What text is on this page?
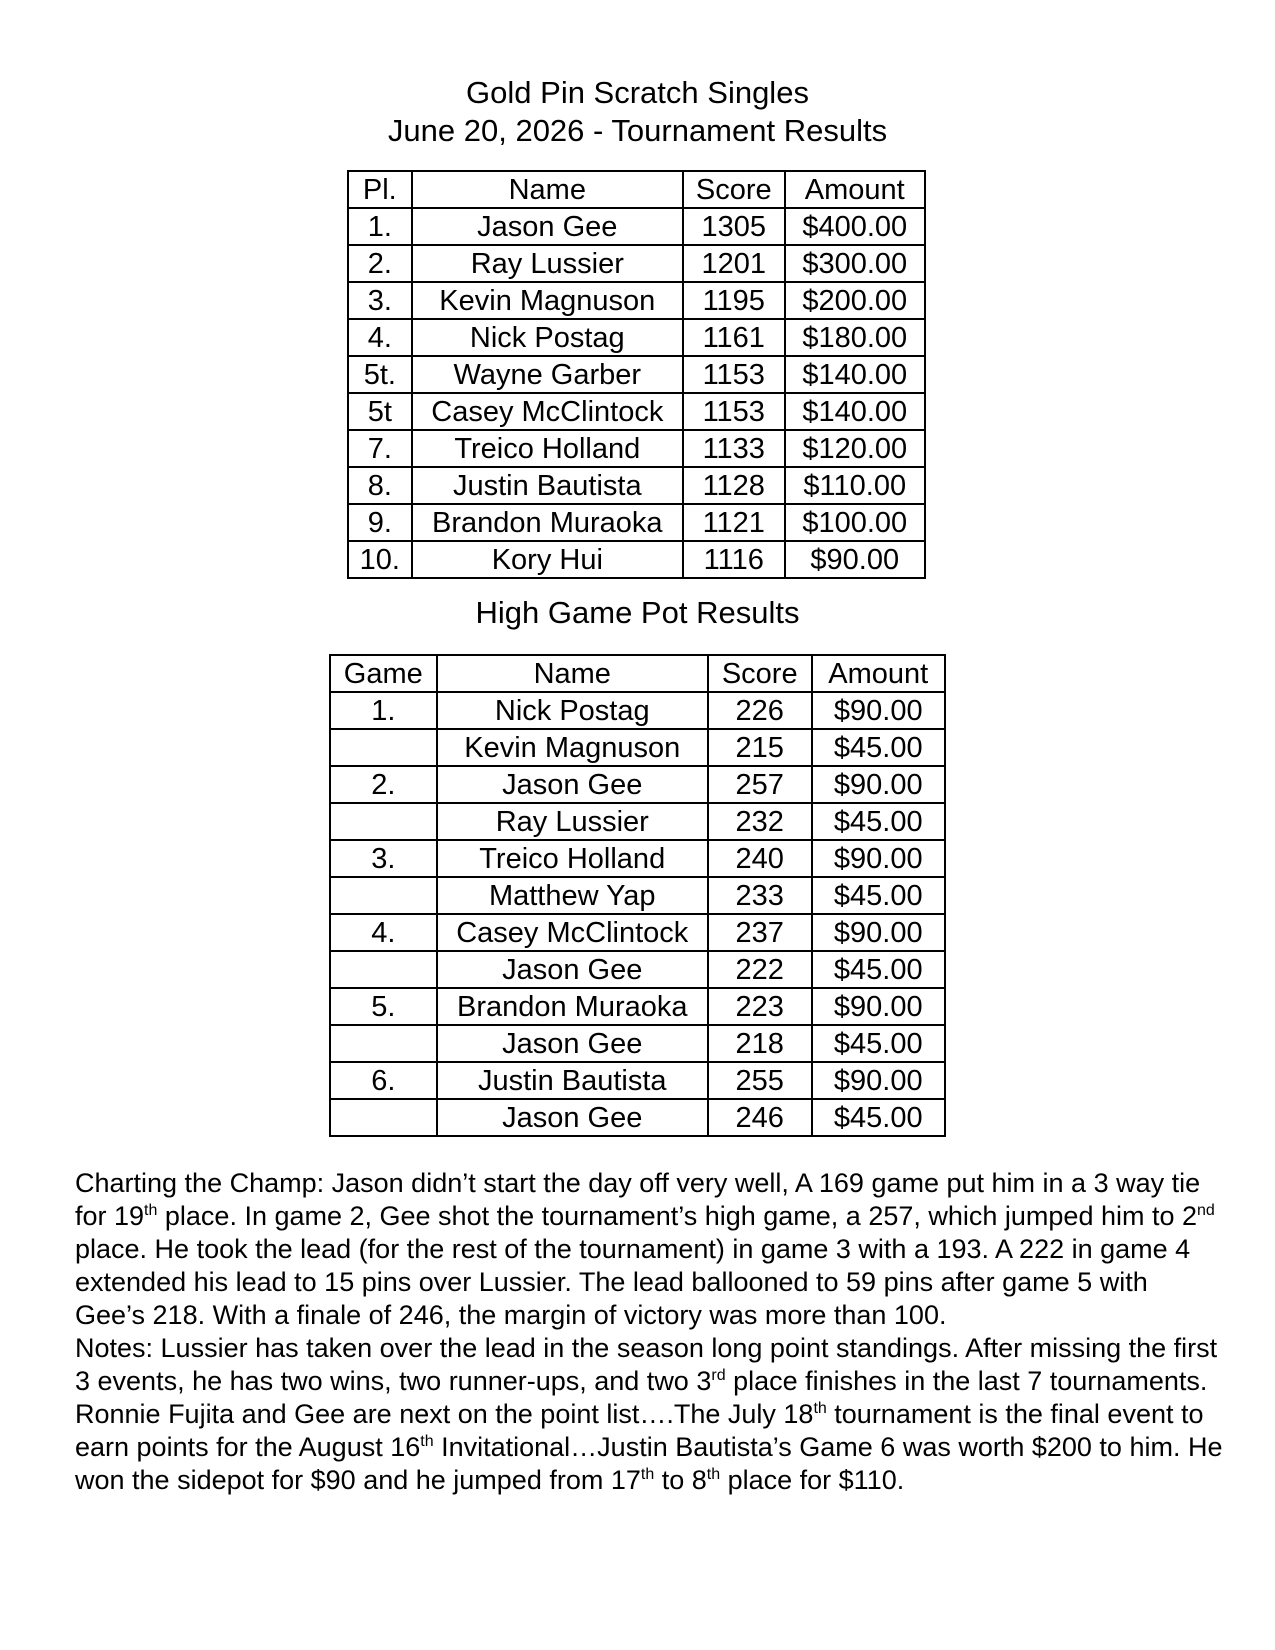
Gold Pin Scratch Singles
June 20, 2026 - Tournament Results
Pl.	Name	Score	Amount
1.	Jason Gee	1305	$400.00
2.	Ray Lussier	1201	$300.00
3.	Kevin Magnuson	1195	$200.00
4.	Nick Postag	1161	$180.00
5t.	Wayne Garber	1153	$140.00
5t	Casey McClintock	1153	$140.00
7.	Treico Holland	1133	$120.00
8.	Justin Bautista	1128	$110.00
9.	Brandon Muraoka	1121	$100.00
10.	Kory Hui	1116	$90.00
High Game Pot Results
Game	Name	Score	Amount
1.	Nick Postag	226	$90.00
	Kevin Magnuson	215	$45.00
2.	Jason Gee	257	$90.00
	Ray Lussier	232	$45.00
3.	Treico Holland	240	$90.00
	Matthew Yap	233	$45.00
4.	Casey McClintock	237	$90.00
	Jason Gee	222	$45.00
5.	Brandon Muraoka	223	$90.00
	Jason Gee	218	$45.00
6.	Justin Bautista	255	$90.00
	Jason Gee	246	$45.00

Charting the Champ: Jason didn’t start the day off very well, A 169 game put him in a 3 way tie for 19th place. In game 2, Gee shot the tournament’s high game, a 257, which jumped him to 2nd place. He took the lead (for the rest of the tournament) in game 3 with a 193. A 222 in game 4 extended his lead to 15 pins over Lussier. The lead ballooned to 59 pins after game 5 with Gee’s 218. With a finale of 246, the margin of victory was more than 100.

Notes: Lussier has taken over the lead in the season long point standings. After missing the first 3 events, he has two wins, two runner-ups, and two 3rd place finishes in the last 7 tournaments. Ronnie Fujita and Gee are next on the point list….The July 18th tournament is the final event to earn points for the August 16th Invitational…Justin Bautista’s Game 6 was worth $200 to him. He won the sidepot for $90 and he jumped from 17th to 8th place for $110.
